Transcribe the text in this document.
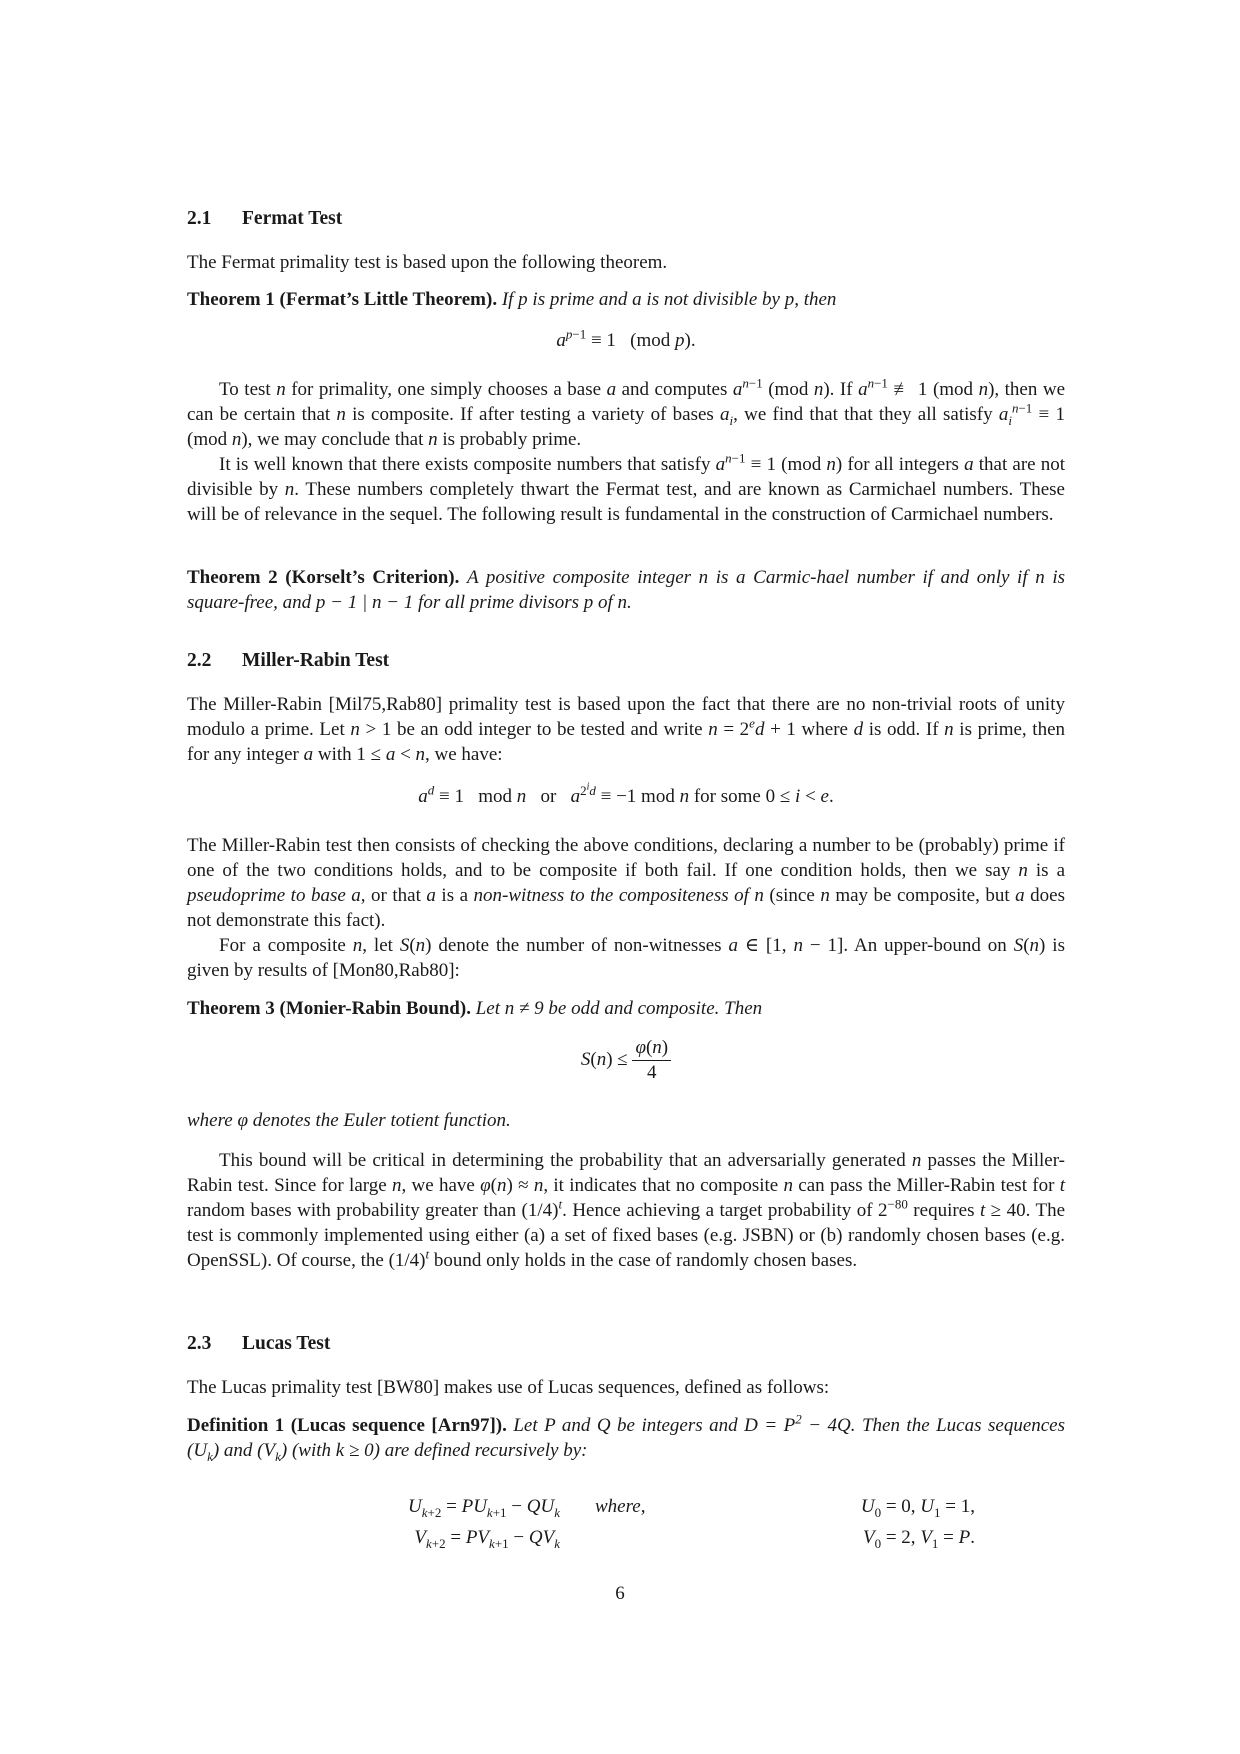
2.1 Fermat Test

The Fermat primality test is based upon the following theorem.

Theorem 1 (Fermat’s Little Theorem). If p is prime and a is not divisible by p, then

$a^{p-1} \equiv 1$   (mod p).

To test n for primality, one simply chooses a base a and computes $a^{n-1}$ (mod n). If $a^{n-1}$ ≢ 1 (mod n), then we can be certain that n is composite. If after testing a variety of bases $a_i$, we find that that they all satisfy $a_i^{n-1} \equiv 1$ (mod n), we may conclude that n is probably prime.

It is well known that there exists composite numbers that satisfy $a^{n-1} \equiv 1$ (mod n) for all integers a that are not divisible by n. These numbers completely thwart the Fermat test, and are known as Carmichael numbers. These will be of relevance in the sequel. The following result is fundamental in the construction of Carmichael numbers.

Theorem 2 (Korselt’s Criterion). A positive composite integer n is a Carmic-hael number if and only if n is square-free, and p − 1 | n − 1 for all prime divisors p of n.

2.2 Miller-Rabin Test

The Miller-Rabin [Mil75,Rab80] primality test is based upon the fact that there are no non-trivial roots of unity modulo a prime. Let n > 1 be an odd integer to be tested and write $n = 2^ed + 1$ where d is odd. If n is prime, then for any integer a with 1 ≤ a < n, we have:

$a^d \equiv 1$   mod n   or   $a^{2^id} \equiv -1$ mod n for some 0 ≤ i < e.

The Miller-Rabin test then consists of checking the above conditions, declaring a number to be (probably) prime if one of the two conditions holds, and to be composite if both fail. If one condition holds, then we say n is a pseudoprime to base a, or that a is a non-witness to the compositeness of n (since n may be composite, but a does not demonstrate this fact).

For a composite n, let S(n) denote the number of non-witnesses a ∈ [1, n − 1]. An upper-bound on S(n) is given by results of [Mon80,Rab80]:

Theorem 3 (Monier-Rabin Bound). Let n ≠ 9 be odd and composite. Then

$S(n) \le \frac{\varphi(n)}{4}$

where φ denotes the Euler totient function.

This bound will be critical in determining the probability that an adversarially generated n passes the Miller-Rabin test. Since for large n, we have φ(n) ≈ n, it indicates that no composite n can pass the Miller-Rabin test for t random bases with probability greater than $(1/4)^t$. Hence achieving a target probability of $2^{-80}$ requires t ≥ 40. The test is commonly implemented using either (a) a set of fixed bases (e.g. JSBN) or (b) randomly chosen bases (e.g. OpenSSL). Of course, the $(1/4)^t$ bound only holds in the case of randomly chosen bases.

2.3 Lucas Test

The Lucas primality test [BW80] makes use of Lucas sequences, defined as follows:

Definition 1 (Lucas sequence [Arn97]). Let P and Q be integers and $D = P^2 - 4Q$. Then the Lucas sequences $(U_k)$ and $(V_k)$ (with k ≥ 0) are defined recursively by:

$U_{k+2} = PU_{k+1} - QU_k$	where,	$U_0 = 0$, $U_1 = 1$,
$V_{k+2} = PV_{k+1} - QV_k$		$V_0 = 2$, $V_1 = P$.
6
